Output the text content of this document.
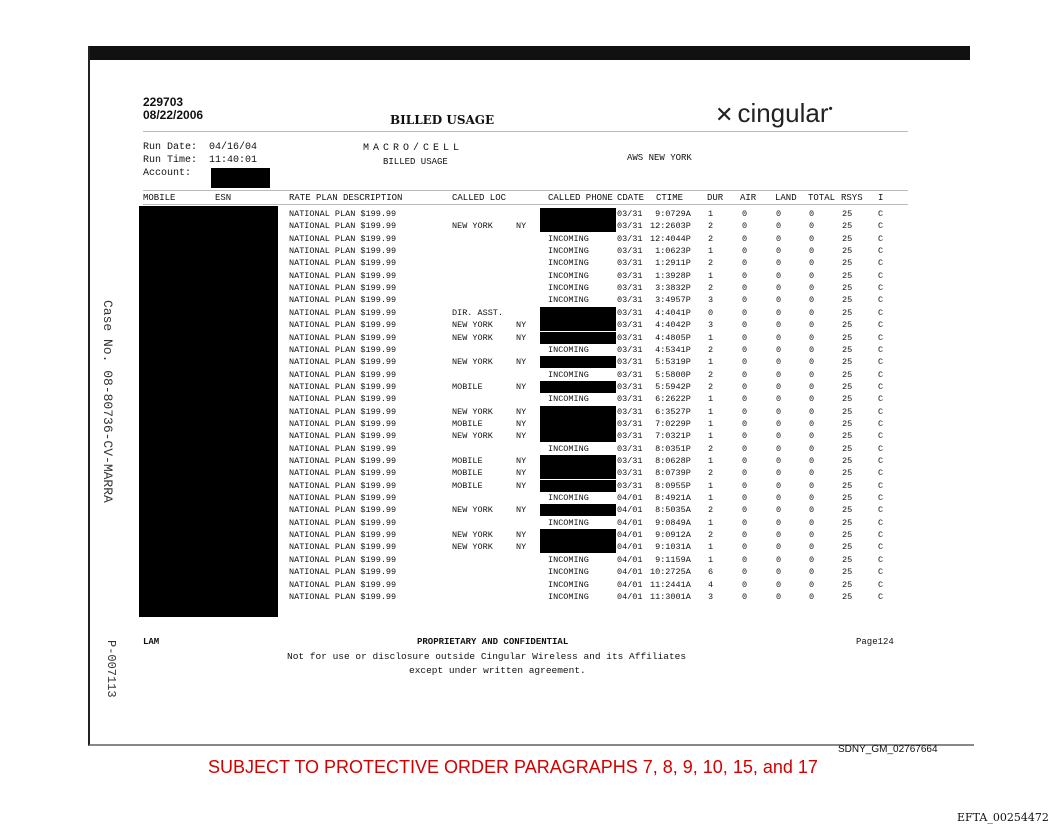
229703
08/22/2006	BILLED USAGE	✕ cingular•
Run Date:  04/16/04
Run Time:  11:40:01
Account:
MACRO/CELL
BILLED USAGE	AWS NEW YORK
MOBILE	ESN	RATE PLAN DESCRIPTION	CALLED LOC	CALLED PHONE CDATE CTIME	DUR AIR LAND TOTAL RSYS I
NATIONAL PLAN $199.99	03/31 9:0729A 1	0	0	0	25	C
NATIONAL PLAN $199.99	NEW YORK	NY	03/31 12:2603P 2	0	0	0	25	C
NATIONAL PLAN $199.99	INCOMING	03/31 12:4044P 2	0	0	0	25	C
NATIONAL PLAN $199.99	INCOMING	03/31 1:0623P 1	0	0	0	25	C
NATIONAL PLAN $199.99	INCOMING	03/31 1:2911P 2	0	0	0	25	C
NATIONAL PLAN $199.99	INCOMING	03/31 1:3928P 1	0	0	0	25	C
NATIONAL PLAN $199.99	INCOMING	03/31 3:3832P 2	0	0	0	25	C
NATIONAL PLAN $199.99	INCOMING	03/31 3:4957P 3	0	0	0	25	C
NATIONAL PLAN $199.99	DIR. ASST.	03/31 4:4041P 0	0	0	0	25	C
NATIONAL PLAN $199.99	NEW YORK	NY	03/31 4:4042P 3	0	0	0	25	C
NATIONAL PLAN $199.99	NEW YORK	NY	03/31 4:4805P 1	0	0	0	25	C
NATIONAL PLAN $199.99	INCOMING	03/31 4:5341P 2	0	0	0	25	C
NATIONAL PLAN $199.99	NEW YORK	NY	03/31 5:5319P 1	0	0	0	25	C
NATIONAL PLAN $199.99	INCOMING	03/31 5:5800P 2	0	0	0	25	C
NATIONAL PLAN $199.99	MOBILE	NY	03/31 5:5942P 2	0	0	0	25	C
NATIONAL PLAN $199.99	INCOMING	03/31 6:2622P 1	0	0	0	25	C
NATIONAL PLAN $199.99	NEW YORK	NY	03/31 6:3527P 1	0	0	0	25	C
NATIONAL PLAN $199.99	MOBILE	NY	03/31 7:0229P 1	0	0	0	25	C
NATIONAL PLAN $199.99	NEW YORK	NY	03/31 7:0321P 1	0	0	0	25	C
NATIONAL PLAN $199.99	INCOMING	03/31 8:0351P 2	0	0	0	25	C
NATIONAL PLAN $199.99	MOBILE	NY	03/31 8:0628P 1	0	0	0	25	C
NATIONAL PLAN $199.99	MOBILE	NY	03/31 8:0739P 2	0	0	0	25	C
NATIONAL PLAN $199.99	MOBILE	NY	03/31 8:0955P 1	0	0	0	25	C
NATIONAL PLAN $199.99	INCOMING	04/01 8:4921A 1	0	0	0	25	C
NATIONAL PLAN $199.99	NEW YORK	NY	04/01 8:5035A 2	0	0	0	25	C
NATIONAL PLAN $199.99	INCOMING	04/01 9:0849A 1	0	0	0	25	C
NATIONAL PLAN $199.99	NEW YORK	NY	04/01 9:0912A 2	0	0	0	25	C
NATIONAL PLAN $199.99	NEW YORK	NY	04/01 9:1031A 1	0	0	0	25	C
NATIONAL PLAN $199.99	INCOMING	04/01 9:1159A 1	0	0	0	25	C
NATIONAL PLAN $199.99	INCOMING	04/01 10:2725A 6	0	0	0	25	C
NATIONAL PLAN $199.99	INCOMING	04/01 11:2441A 4	0	0	0	25	C
NATIONAL PLAN $199.99	INCOMING	04/01 11:3001A 3	0	0	0	25	C
Case No. 08-80736-CV-MARRA
P-007113	LAM	PROPRIETARY AND CONFIDENTIAL	Page124
Not for use or disclosure outside Cingular Wireless and its Affiliates
except under written agreement.
SDNY_GM_02767664
SUBJECT TO PROTECTIVE ORDER PARAGRAPHS 7, 8, 9, 10, 15, and 17
EFTA_00254472
